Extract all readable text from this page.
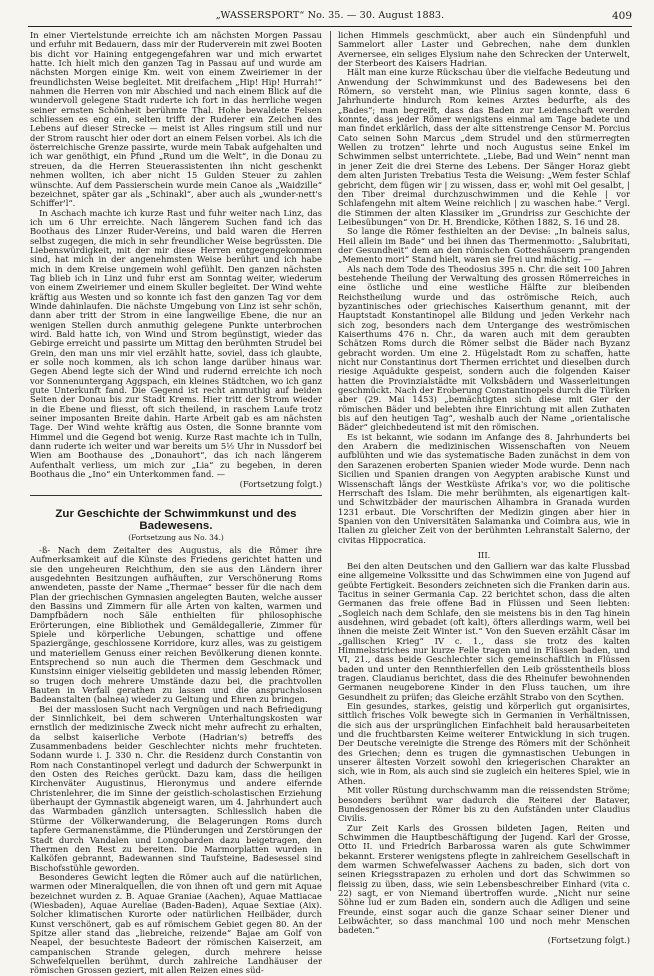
„WASSERSPORT“ No. 35. — 30. August 1883.	409

In einer Viertelstunde erreichte ich am nächsten Morgen Passau und erfuhr mit Bedauern, dass mir der Ruderverein mit zwei Booten bis dicht vor Haining entgegengefahren war und mich erwartet hatte. Ich hielt mich den ganzen Tag in Passau auf und wurde am nächsten Morgen einige Km. weit von einem Zweiriemer in der freundlichsten Weise begleitet. Mit dreifachem „Hip! Hip! Hurrah!“ nahmen die Herren von mir Abschied und nach einem Blick auf die wundervoll gelegene Stadt ruderte ich fort in das herrliche wegen seiner ernsten Schönheit berühmte Thal. Hohe bewaldete Felsen schliessen es eng ein, selten trifft der Ruderer ein Zeichen des Lebens auf dieser Strecke — meist ist Alles ringsum still und nur der Strom rauscht hier oder dort an einem Felsen vorbei. Als ich die österreichische Grenze passirte, wurde mein Tabak aufgehalten und ich war genöthigt, ein Pfund „Rund um die Welt“, in die Donau zu streuen, da die Herren Steuerassistenten ihn nicht geschenkt nehmen wollten, ich aber nicht 15 Gulden Steuer zu zahlen wünschte. Auf dem Passierschein wurde mein Canoe als „Waidzille“ bezeichnet, später gar als „Schinakl“, aber auch als „wunder-nett's Schiffer'l“.

In Aschach machte ich kurze Rast und fuhr weiter nach Linz, das ich um 6 Uhr erreichte. Nach längerem Suchen fand ich das Boothaus des Linzer Ruder-Vereins, und bald waren die Herren selbst zugegen, die mich in sehr freundlicher Weise begrüssten. Die Liebenswürdigkeit, mit der mir diese Herren entgegengekommen sind, hat mich in der angenehmsten Weise berührt und ich habe mich in dem Kreise ungemein wohl gefühlt. Den ganzen nächsten Tag blieb ich in Linz und fuhr erst am Sonntag weiter, wiederum von einem Zweiriemer und einem Skuller begleitet. Der Wind wehte kräftig aus Westen und so konnte ich fast den ganzen Tag vor dem Winde dahinlaufen. Die nächste Umgebung von Linz ist sehr schön, dann aber tritt der Strom in eine langweilige Ebene, die nur an wenigen Stellen durch anmuthig gelegene Punkte unterbrochen wird. Bald hatte ich, von Wind und Strom begünstigt, wieder das Gebirge erreicht und passirte um Mittag den berühmten Strudel bei Grein, den man uns mir viel erzählt hatte, soviel, dass ich glaubte, er solle noch kommen, als ich schon lange darüber hinaus war. Gegen Abend legte sich der Wind und rudernd erreichte ich noch vor Sonnenuntergang Aggspach, ein kleines Städtchen, wo ich ganz gute Unterkunft fand. Die Gegend ist recht anmuthig auf beiden Seiten der Donau bis zur Stadt Krems. Hier tritt der Strom wieder in die Ebene und fliesst, oft sich theilend, in raschem Laufe trotz seiner imposanten Breite dahin. Harte Arbeit gab es am nächsten Tage. Der Wind wehte kräftig aus Osten, die Sonne brannte vom Himmel und die Gegend bot wenig. Kurze Rast machte ich in Tulln, dann ruderte ich weiter und war bereits um 5½ Uhr in Nussdorf bei Wien am Boothause des „Donauhort“, das ich nach längerem Aufenthalt verliess, um mich zur „Lia“ zu begeben, in deren Boothaus die „Ino“ ein Unterkommen fand. —

(Fortsetzung folgt.)

Zur Geschichte der Schwimmkunst und des Badewesens.
(Fortsetzung aus No. 34.)

-ß- Nach dem Zeitalter des Augustus, als die Römer ihre Aufmerksamkeit auf die Künste des Friedens gerichtet hatten und sie den ungeheuren Reichthum, den sie aus den Ländern ihrer ausgedehnten Besitzungen aufhäuften, zur Verschönerung Roms anwendeten, passte der Name „Thermae“ besser für die nach dem Plan der griechischen Gymnasien angelegten Bauten, welche ausser den Bassins und Zimmern für alle Arten von kalten, warmen und Dampfbädern noch Säle enthielten für philosophische Erörterungen, eine Bibliothek und Gemäldegallerie, Zimmer für Spiele und körperliche Uebungen, schattige und offene Spaziergänge, geschlossene Korridore, kurz alles, was zu geistigem und materiellem Genuss einer reichen Bevölkerung dienen konnte. Entsprechend so nun auch die Thermen dem Geschmack und Kunstsinn einiger vielseitig gebildeten und massig lebenden Römer, so trugen doch mehrere Umstände dazu bei, die prachtvollen Bauten in Verfall gerathen zu lassen und die anspruchslosen Badeanstalten (balnea) wieder zu Geltung und Ehren zu bringen.

Bei der masslosen Sucht nach Vergnügen und nach Befriedigung der Sinnlichkeit, bei dem schweren Unterhaltungskosten war ernstlich der medizinische Zweck nicht mehr aufrecht zu erhalten, da selbst kaiserliche Verbote (Hadrian's) betreffs des Zusammenbadens beider Geschlechter nichts mehr fruchteten. Sodann wurde i. J. 330 n. Chr. die Residenz durch Constantin von Rom nach Constantinopel verlegt und dadurch der Schwerpunkt in den Osten des Reiches gerückt. Dazu kam, dass die heiligen Kirchenväter Augustinus, Hieronymus und andere eifernde Christenlehrer, die im Sinne der geistlich-scholastischen Erziehung überhaupt der Gymnastik abgeneigt waren, um 4. Jahrhundert auch das Warmbaden gänzlich untersagten. Schliesslich haben die Stürme der Völkerwanderung, die Belagerungen Roms durch tapfere Germanenstämme, die Plünderungen und Zerstörungen der Stadt durch Vandalen und Longobarden dazu beigetragen, den Thermen den Rest zu bereiten. Die Marmorplatten wurden in Kalköfen gebrannt, Badewannen sind Taufsteine, Badesessel sind Bischofsstühle geworden.

Besonderes Gewicht legten die Römer auch auf die natürlichen, warmen oder Mineralquellen, die von ihnen oft und gern mit Aquae bezeichnet wurden z. B. Aquae Graniae (Aachen), Aquae Mattiacae (Wiesbaden), Aquae Aureliae (Baden-Baden), Aquae Sextiae (Aix). Solcher klimatischen Kurorte oder natürlichen Heilbäder, durch Kunst verschönert, gab es auf römischem Gebiet gegen 80. An der Spitze aller stand das „liebreiche, reizende“ Bajae am Golf von Neapel, der besuchteste Badeort der römischen Kaiserzeit, am campanischen Strande gelegen, durch mehrere heisse Schwefelquellen berühmt, durch zahlreiche Landhäuser der römischen Grossen geziert, mit allen Reizen eines süd-

lichen Himmels geschmückt, aber auch ein Sündenpfuhl und Sammelort aller Laster und Gebrechen, nahe dem dunklen Avernersee, ein seliges Elysium nahe den Schrecken der Unterwelt, der Sterbeort des Kaisers Hadrian.

Hält man eine kurze Rückschau über die vielfache Bedeutung und Anwendung der Schwimmkunst und des Badewesens bei den Römern, so versteht man, wie Plinius sagen konnte, dass 6 Jahrhunderte hindurch Rom keines Arztes bedurfte, als des „Bades“; man begreift, dass das Baden zur Leidenschaft werden konnte, dass jeder Römer wenigstens einmal am Tage badete und man findet erklärlich, dass der alte sittenstrenge Censor M. Porcius Cato seinen Sohn Marcus „dem Strudel und den stürmerregten Wellen zu trotzen“ lehrte und noch Augustus seine Enkel im Schwimmen selbst unterrichtete. „Liebe, Bad und Wein“ nennt man in jener Zeit die drei Sterne des Lebens. Der Sänger Horaz giebt dem alten Juristen Trebatius Testa die Weisung: „Wem fester Schlaf gebricht, dem fügen wir | zu wissen, dass er, wohl mit Oel gesalbt, | den Tiber dreimal durchzuschwimmen und die Kehle | vor Schlafengehn mit altem Weine reichlich | zu waschen habe.“ Vergl. die Stimmen der alten Klassiker im „Grundriss zur Geschichte der Leibesübungen“ von Dr. H. Brendicke, Köthen 1882, S. 16 und 28.

So lange die Römer festhielten an der Devise: „In balneis salus, Heil allein im Bade“ und bei ihnen das Thermenmotto: „Salubritati, der Gesundheit“ dem an den römischen Gotteshäusern prangenden „Memento mori“ Stand hielt, waren sie frei und mächtig. —

Als nach dem Tode des Theodosius 395 n. Chr. die seit 100 Jahren bestehende Theilung der Verwaltung des grossen Römerreiches in eine östliche und eine westliche Hälfte zur bleibenden Reichstheilung wurde und das oströmische Reich, auch byzantinisches oder griechisches Kaiserthum genannt, mit der Hauptstadt Konstantinopel alle Bildung und jeden Verkehr nach sich zog, besonders nach dem Untergange des weströmischen Kaiserthums 476 n. Chr., da waren auch mit dem geraubten Schätzen Roms durch die Römer selbst die Bäder nach Byzanz gebracht worden. Um eine 2. Hügelstadt Rom zu schaffen, hatte nicht nur Constantinus dort Thermen errichtet und dieselben durch riesige Aquädukte gespeist, sondern auch die folgenden Kaiser hatten die Provinzialstädte mit Volksbädern und Wasserleitungen geschmückt. Nach der Eroberung Constantinopels durch die Türken aber (29. Mai 1453) „bemächtigten sich diese mit Gier der römischen Bäder und belebten ihre Einrichtung mit allen Zuthaten bis auf den heutigen Tag“, weshalb auch der Name „orientalische Bäder“ gleichbedeutend ist mit den römischen.

Es ist bekannt, wie sodann im Anfange des 8. Jahrhunderts bei den Arabern die medizinischen Wissenschaften von Neuem aufblühten und wie das systematische Baden zunächst in dem von den Sarazenen eroberten Spanien wieder Mode wurde. Denn nach Sicilien und Spanien drangen von Aegypten arabische Kunst und Wissenschaft längs der Westküste Afrika's vor, wo die politische Herrschaft des Islam. Die mehr berühmten, als eigenartigen kalt- und Schwitzbäder der maurischen Alhambra in Granada wurden 1231 erbaut. Die Vorschriften der Medizin gingen aber hier in Spanien von den Universitäten Salamanka und Coimbra aus, wie in Italien zu gleicher Zeit von der berühmten Lehranstalt Salerno, der civitas Hippocratica.

III.

Bei den alten Deutschen und den Galliern war das kalte Flussbad eine allgemeine Volkssitte und das Schwimmen eine von Jugend auf geübte Fertigkeit. Besonders zeichneten sich die Franken darin aus. Tacitus in seiner Germania Cap. 22 berichtet schon, dass die alten Germanen das freie offene Bad in Flüssen und Seen liebten: „Sogleich nach dem Schlafe, den sie meistens bis in den Tag hinein ausdehnen, wird gebadet (oft kalt), öfters allerdings warm, weil bei ihnen die meiste Zeit Winter ist.“ Von den Sueven erzählt Cäsar im „gallischen Krieg“ IV c. 1., dass sie trotz des kalten Himmelsstriches nur kurze Felle tragen und in Flüssen baden, und VI, 21., dass beide Geschlechter sich gemeinschaftlich in Flüssen baden und unter den Rennthierfellen den Leib grösstentheils bloss tragen. Claudianus berichtet, dass die des Rheinufer bewohnenden Germanen neugeborene Kinder in den Fluss tauchen, um ihre Gesundheit zu prüfen; das Gleiche erzählt Strabo von den Scythen.

Ein gesundes, starkes, geistig und körperlich gut organisirtes, sittlich frisches Volk bewegte sich in Germanien in Verhältnissen, die sich aus der ursprünglichen Einfachheit bald herausarbeiteten und die fruchtbarsten Keime weiterer Entwicklung in sich trugen. Der Deutsche vereinigte die Strenge des Römers mit der Schönheit des Griechen; denn es trugen die gymnastischen Uebungen in unserer ältesten Vorzeit sowohl den kriegerischen Charakter an sich, wie in Rom, als auch sind sie zugleich ein heiteres Spiel, wie in Athen.

Mit voller Rüstung durchschwamm man die reissendsten Ströme; besonders berühmt war dadurch die Reiterei der Bataver, Bundesgenossen der Römer bis zu den Aufständen unter Claudius Civilis.

Zur Zeit Karls des Grossen bildeten Jagen, Reiten und Schwimmen die Hauptbeschäftigung der Jugend. Karl der Grosse, Otto II. und Friedrich Barbarossa waren als gute Schwimmer bekannt. Ersterer wenigstens pflegte in zahlreichem Gesellschaft in dem warmen Schwefelwasser Aachens zu baden, sich dort von seinen Kriegsstrapazen zu erholen und dort das Schwimmen so fleissig zu üben, dass, wie sein Lebensbeschreiber Einhard (vita c. 22) sagt, er von Niemand übertroffen wurde. „Nicht nur seine Söhne lud er zum Baden ein, sondern auch die Adligen und seine Freunde, einst sogar auch die ganze Schaar seiner Diener und Leibwächter, so dass manchmal 100 und noch mehr Menschen badeten.“

(Fortsetzung folgt.)
